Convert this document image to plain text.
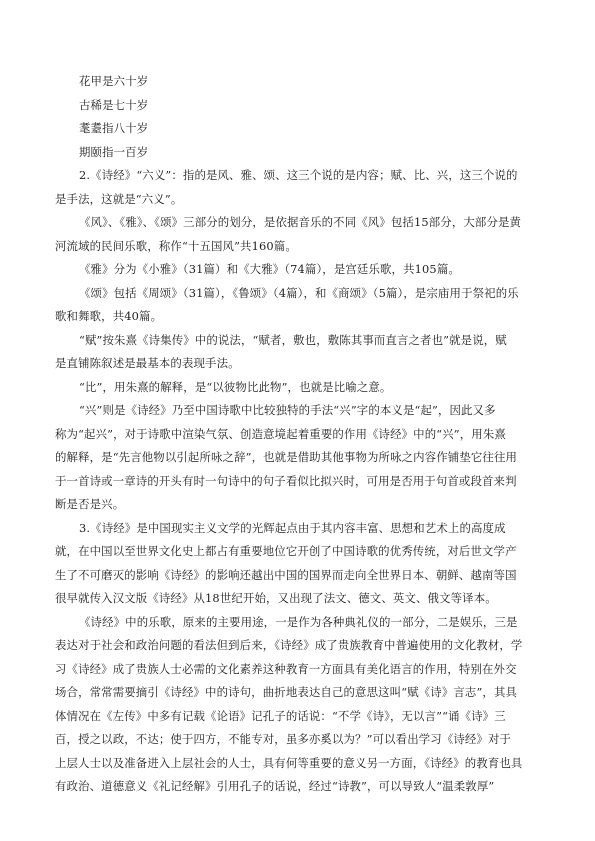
花甲是六十岁
古稀是七十岁
耄耋指八十岁
期颐指一百岁
2.《诗经》“六义”：指的是风、雅、颂、这三个说的是内容；赋、比、兴，这三个说的
是手法，这就是“六义”。
《风》、《雅》、《颂》三部分的划分，是依据音乐的不同《风》包括15部分，大部分是黄
河流域的民间乐歌，称作“十五国风”共160篇。
《雅》分为《小雅》（31篇）和《大雅》（74篇），是宫廷乐歌，共105篇。
《颂》包括《周颂》（31篇），《鲁颂》（4篇），和《商颂》（5篇），是宗庙用于祭祀的乐
歌和舞歌，共40篇。
“赋”按朱熹《诗集传》中的说法，“赋者，敷也，敷陈其事而直言之者也”就是说，赋
是直铺陈叙述是最基本的表现手法。
“比”，用朱熹的解释，是“以彼物比此物”，也就是比喻之意。
“兴”则是《诗经》乃至中国诗歌中比较独特的手法“兴”字的本义是“起”，因此又多
称为“起兴”，对于诗歌中渲染气氛、创造意境起着重要的作用《诗经》中的“兴”，用朱熹
的解释，是“先言他物以引起所咏之辞”，也就是借助其他事物为所咏之内容作铺垫它往往用
于一首诗或一章诗的开头有时一句诗中的句子看似比拟兴时，可用是否用于句首或段首来判
断是否是兴。
3.《诗经》是中国现实主义文学的光辉起点由于其内容丰富、思想和艺术上的高度成
就，在中国以至世界文化史上都占有重要地位它开创了中国诗歌的优秀传统，对后世文学产
生了不可磨灭的影响《诗经》的影响还越出中国的国界而走向全世界日本、朝鲜、越南等国
很早就传入汉文版《诗经》从18世纪开始，又出现了法文、德文、英文、俄文等译本。
《诗经》中的乐歌，原来的主要用途，一是作为各种典礼仪的一部分，二是娱乐，三是
表达对于社会和政治问题的看法但到后来，《诗经》成了贵族教育中普遍使用的文化教材，学
习《诗经》成了贵族人士必需的文化素养这种教育一方面具有美化语言的作用，特别在外交
场合，常常需要摘引《诗经》中的诗句，曲折地表达自己的意思这叫“赋《诗》言志”，其具
体情况在《左传》中多有记载《论语》记孔子的话说：“不学《诗》，无以言”“诵《诗》三
百，授之以政，不达；使于四方，不能专对，虽多亦奚以为？”可以看出学习《诗经》对于
上层人士以及准备进入上层社会的人士，具有何等重要的意义另一方面，《诗经》的教育也具
有政治、道德意义《礼记经解》引用孔子的话说，经过“诗教”，可以导致人“温柔敦厚”
